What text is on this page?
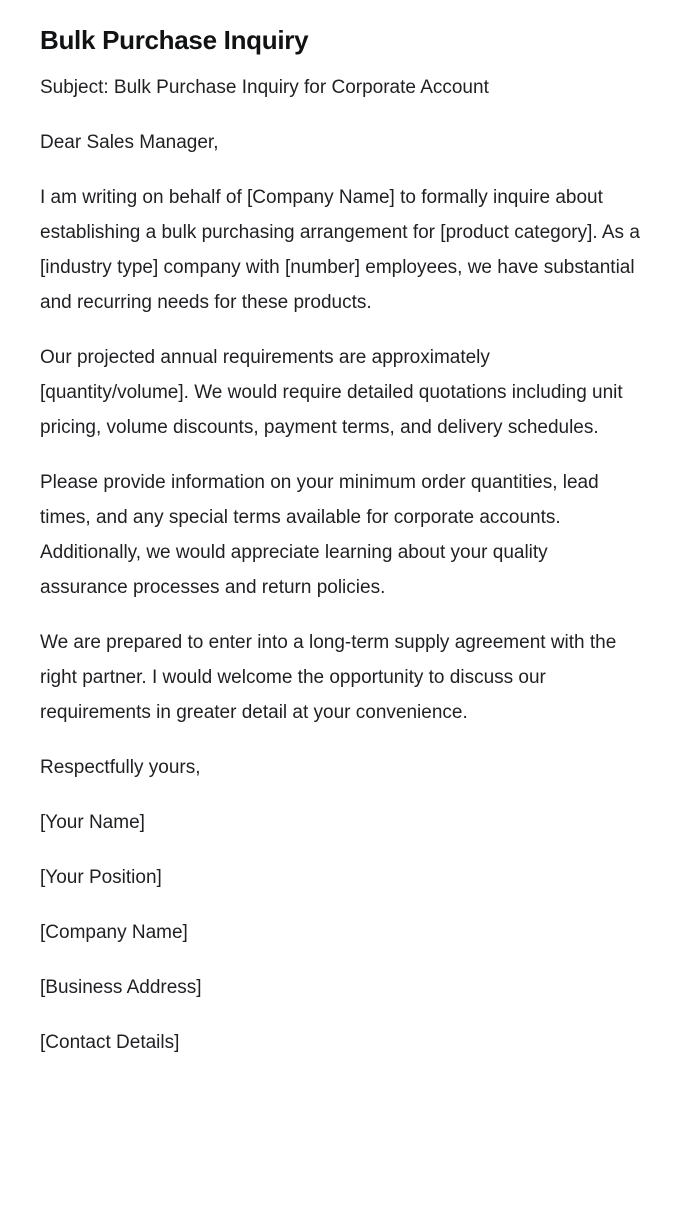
Bulk Purchase Inquiry

Subject: Bulk Purchase Inquiry for Corporate Account

Dear Sales Manager,

I am writing on behalf of [Company Name] to formally inquire about establishing a bulk purchasing arrangement for [product category]. As a [industry type] company with [number] employees, we have substantial and recurring needs for these products.

Our projected annual requirements are approximately [quantity/volume]. We would require detailed quotations including unit pricing, volume discounts, payment terms, and delivery schedules.

Please provide information on your minimum order quantities, lead times, and any special terms available for corporate accounts. Additionally, we would appreciate learning about your quality assurance processes and return policies.

We are prepared to enter into a long-term supply agreement with the right partner. I would welcome the opportunity to discuss our requirements in greater detail at your convenience.

Respectfully yours,

[Your Name]

[Your Position]

[Company Name]

[Business Address]

[Contact Details]
